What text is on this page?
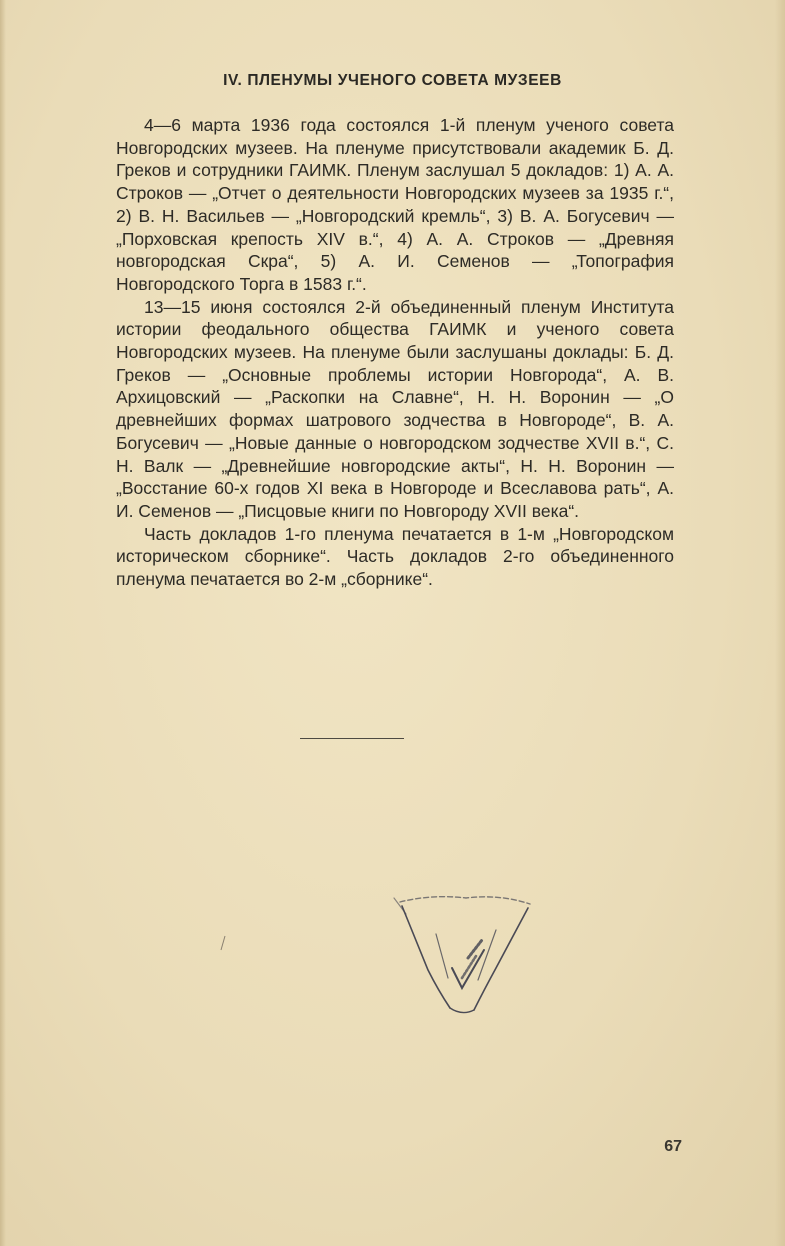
IV. ПЛЕНУМЫ УЧЕНОГО СОВЕТА МУЗЕЕВ

4—6 марта 1936 года состоялся 1-й пленум ученого совета Новгородских музеев. На пленуме присутствовали академик Б. Д. Греков и сотрудники ГАИМК. Пленум заслушал 5 докладов: 1) А. А. Строков — „Отчет о деятельности Новгородских музеев за 1935 г.“, 2) В. Н. Васильев — „Новгородский кремль“, 3) В. А. Богусевич — „Порховская крепость XIV в.“, 4) А. А. Строков — „Древняя новгородская Скра“, 5) А. И. Семенов — „Топография Новгородского Торга в 1583 г.“.

13—15 июня состоялся 2-й объединенный пленум Института истории феодального общества ГАИМК и ученого совета Новгородских музеев. На пленуме были заслушаны доклады: Б. Д. Греков — „Основные проблемы истории Новгорода“, А. В. Архицовский — „Раскопки на Славне“, Н. Н. Воронин — „О древнейших формах шатрового зодчества в Новгороде“, В. А. Богусевич — „Новые данные о новгородском зодчестве XVII в.“, С. Н. Валк — „Древнейшие новгородские акты“, Н. Н. Воронин — „Восстание 60-х годов XI века в Новгороде и Всеславова рать“, А. И. Семенов — „Писцовые книги по Новгороду XVII века“.

Часть докладов 1-го пленума печатается в 1-м „Новгородском историческом сборнике“. Часть докладов 2-го объединенного пленума печатается во 2-м „сборнике“.

67
